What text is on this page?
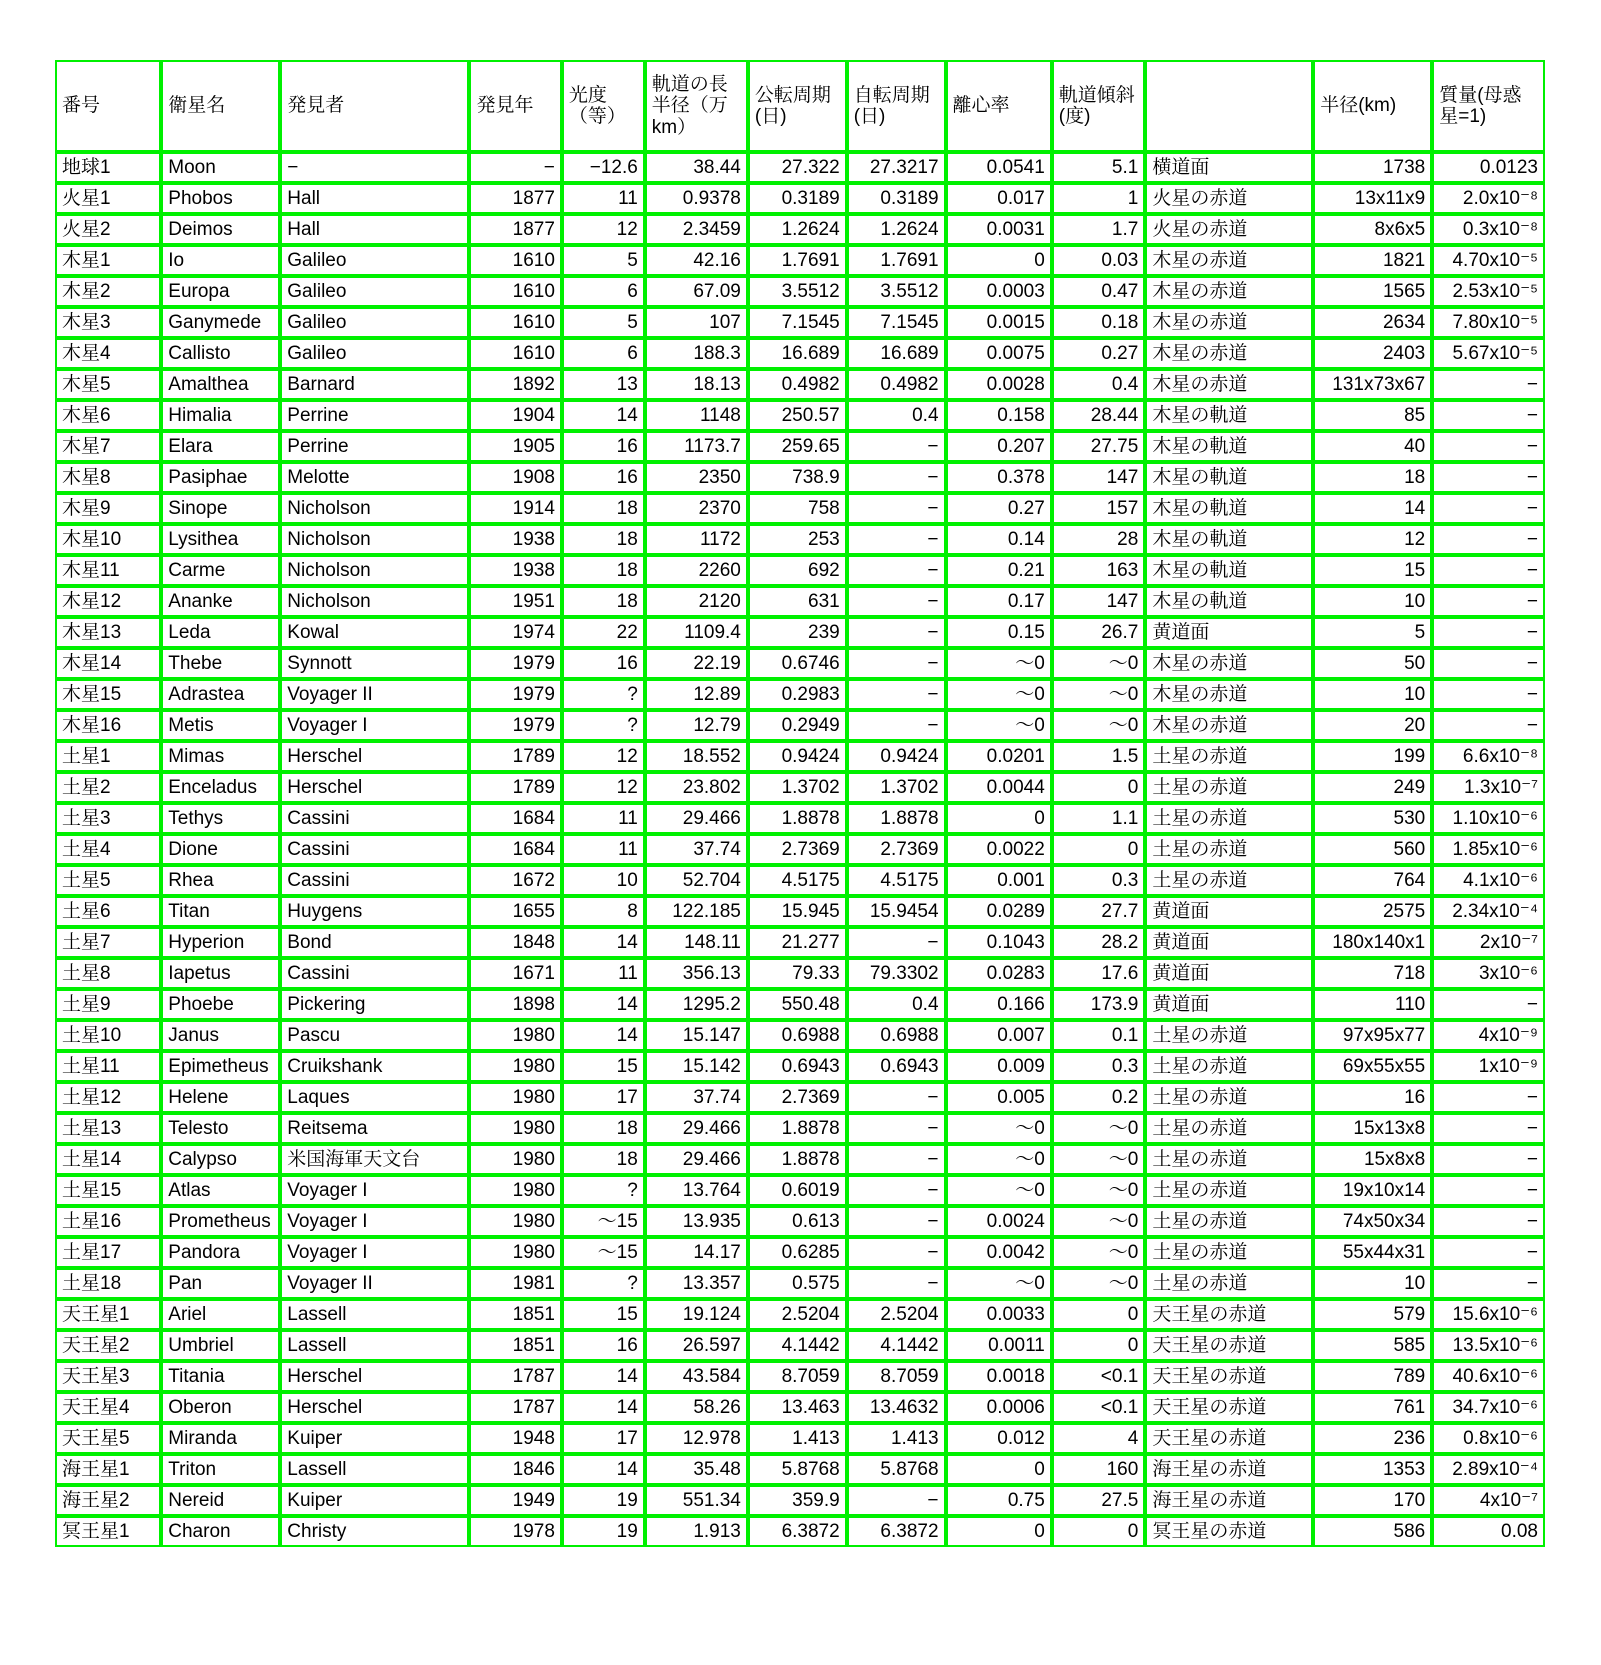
番号	衛星名	発見者	発見年	光度（等）	軌道の長半径（万km）	公転周期(日)	自転周期(日)	離心率	軌道傾斜(度)		半径(km)	質量(母惑星=1)

地球1	Moon	−	−	−12.6	38.44	27.322	27.3217	0.0541	5.1	横道面	1738	0.0123
火星1	Phobos	Hall	1877	11	0.9378	0.3189	0.3189	0.017	1	火星の赤道	13x11x9	2.0x10⁻⁸
火星2	Deimos	Hall	1877	12	2.3459	1.2624	1.2624	0.0031	1.7	火星の赤道	8x6x5	0.3x10⁻⁸
木星1	Io	Galileo	1610	5	42.16	1.7691	1.7691	0	0.03	木星の赤道	1821	4.70x10⁻⁵
木星2	Europa	Galileo	1610	6	67.09	3.5512	3.5512	0.0003	0.47	木星の赤道	1565	2.53x10⁻⁵
木星3	Ganymede	Galileo	1610	5	107	7.1545	7.1545	0.0015	0.18	木星の赤道	2634	7.80x10⁻⁵
木星4	Callisto	Galileo	1610	6	188.3	16.689	16.689	0.0075	0.27	木星の赤道	2403	5.67x10⁻⁵
木星5	Amalthea	Barnard	1892	13	18.13	0.4982	0.4982	0.0028	0.4	木星の赤道	131x73x67	−
木星6	Himalia	Perrine	1904	14	1148	250.57	0.4	0.158	28.44	木星の軌道	85	−
木星7	Elara	Perrine	1905	16	1173.7	259.65	−	0.207	27.75	木星の軌道	40	−
木星8	Pasiphae	Melotte	1908	16	2350	738.9	−	0.378	147	木星の軌道	18	−
木星9	Sinope	Nicholson	1914	18	2370	758	−	0.27	157	木星の軌道	14	−
木星10	Lysithea	Nicholson	1938	18	1172	253	−	0.14	28	木星の軌道	12	−
木星11	Carme	Nicholson	1938	18	2260	692	−	0.21	163	木星の軌道	15	−
木星12	Ananke	Nicholson	1951	18	2120	631	−	0.17	147	木星の軌道	10	−
木星13	Leda	Kowal	1974	22	1109.4	239	−	0.15	26.7	黄道面	5	−
木星14	Thebe	Synnott	1979	16	22.19	0.6746	−	〜0	〜0	木星の赤道	50	−
木星15	Adrastea	Voyager II	1979	?	12.89	0.2983	−	〜0	〜0	木星の赤道	10	−
木星16	Metis	Voyager I	1979	?	12.79	0.2949	−	〜0	〜0	木星の赤道	20	−
土星1	Mimas	Herschel	1789	12	18.552	0.9424	0.9424	0.0201	1.5	土星の赤道	199	6.6x10⁻⁸
土星2	Enceladus	Herschel	1789	12	23.802	1.3702	1.3702	0.0044	0	土星の赤道	249	1.3x10⁻⁷
土星3	Tethys	Cassini	1684	11	29.466	1.8878	1.8878	0	1.1	土星の赤道	530	1.10x10⁻⁶
土星4	Dione	Cassini	1684	11	37.74	2.7369	2.7369	0.0022	0	土星の赤道	560	1.85x10⁻⁶
土星5	Rhea	Cassini	1672	10	52.704	4.5175	4.5175	0.001	0.3	土星の赤道	764	4.1x10⁻⁶
土星6	Titan	Huygens	1655	8	122.185	15.945	15.9454	0.0289	27.7	黄道面	2575	2.34x10⁻⁴
土星7	Hyperion	Bond	1848	14	148.11	21.277	−	0.1043	28.2	黄道面	180x140x1	2x10⁻⁷
土星8	Iapetus	Cassini	1671	11	356.13	79.33	79.3302	0.0283	17.6	黄道面	718	3x10⁻⁶
土星9	Phoebe	Pickering	1898	14	1295.2	550.48	0.4	0.166	173.9	黄道面	110	−
土星10	Janus	Pascu	1980	14	15.147	0.6988	0.6988	0.007	0.1	土星の赤道	97x95x77	4x10⁻⁹
土星11	Epimetheus	Cruikshank	1980	15	15.142	0.6943	0.6943	0.009	0.3	土星の赤道	69x55x55	1x10⁻⁹
土星12	Helene	Laques	1980	17	37.74	2.7369	−	0.005	0.2	土星の赤道	16	−
土星13	Telesto	Reitsema	1980	18	29.466	1.8878	−	〜0	〜0	土星の赤道	15x13x8	−
土星14	Calypso	米国海軍天文台	1980	18	29.466	1.8878	−	〜0	〜0	土星の赤道	15x8x8	−
土星15	Atlas	Voyager I	1980	?	13.764	0.6019	−	〜0	〜0	土星の赤道	19x10x14	−
土星16	Prometheus	Voyager I	1980	〜15	13.935	0.613	−	0.0024	〜0	土星の赤道	74x50x34	−
土星17	Pandora	Voyager I	1980	〜15	14.17	0.6285	−	0.0042	〜0	土星の赤道	55x44x31	−
土星18	Pan	Voyager II	1981	?	13.357	0.575	−	〜0	〜0	土星の赤道	10	−
天王星1	Ariel	Lassell	1851	15	19.124	2.5204	2.5204	0.0033	0	天王星の赤道	579	15.6x10⁻⁶
天王星2	Umbriel	Lassell	1851	16	26.597	4.1442	4.1442	0.0011	0	天王星の赤道	585	13.5x10⁻⁶
天王星3	Titania	Herschel	1787	14	43.584	8.7059	8.7059	0.0018	<0.1	天王星の赤道	789	40.6x10⁻⁶
天王星4	Oberon	Herschel	1787	14	58.26	13.463	13.4632	0.0006	<0.1	天王星の赤道	761	34.7x10⁻⁶
天王星5	Miranda	Kuiper	1948	17	12.978	1.413	1.413	0.012	4	天王星の赤道	236	0.8x10⁻⁶
海王星1	Triton	Lassell	1846	14	35.48	5.8768	5.8768	0	160	海王星の赤道	1353	2.89x10⁻⁴
海王星2	Nereid	Kuiper	1949	19	551.34	359.9	−	0.75	27.5	海王星の赤道	170	4x10⁻⁷
冥王星1	Charon	Christy	1978	19	1.913	6.3872	6.3872	0	0	冥王星の赤道	586	0.08
